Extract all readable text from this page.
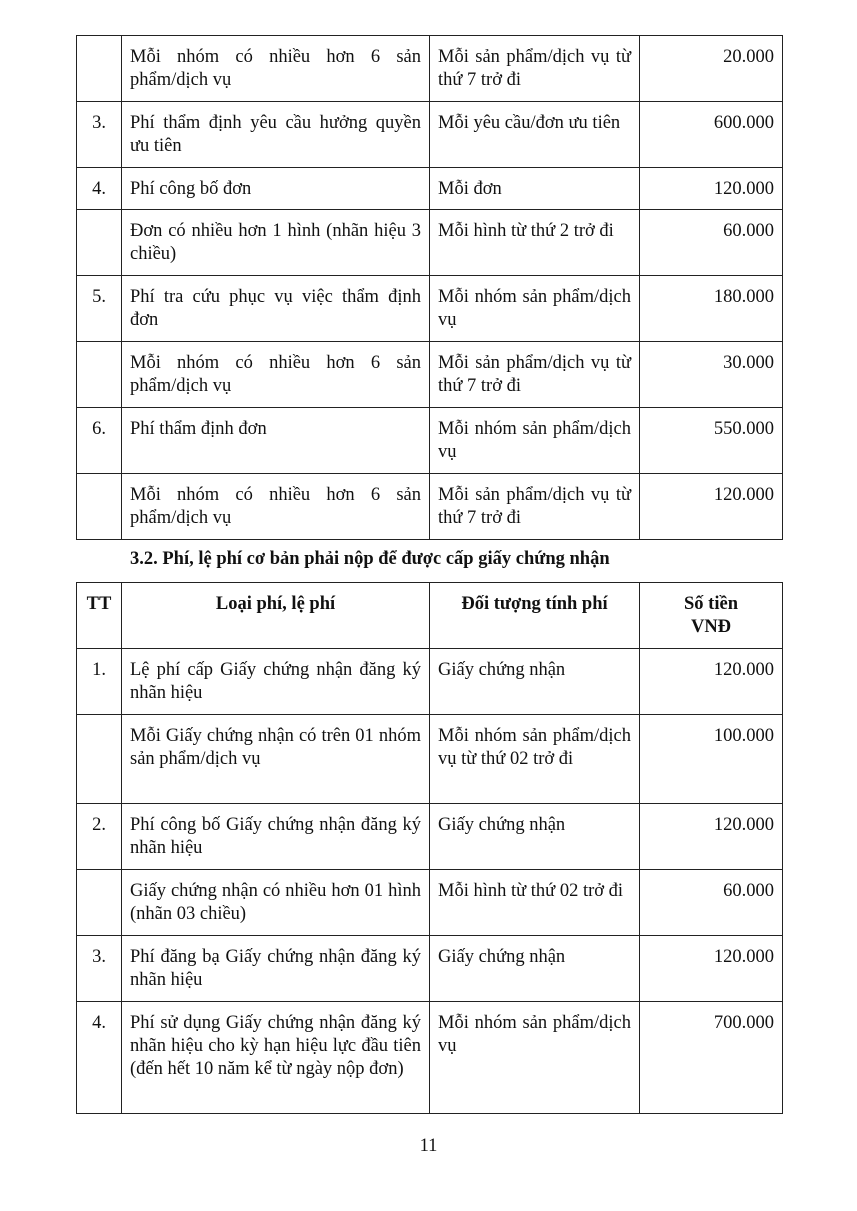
	Mỗi nhóm có nhiều hơn 6 sản phẩm/dịch vụ	Mỗi sản phẩm/dịch vụ từ thứ 7 trở đi	20.000
3.	Phí thẩm định yêu cầu hưởng quyền ưu tiên	Mỗi yêu cầu/đơn ưu tiên	600.000
4.	Phí công bố đơn	Mỗi đơn	120.000
	Đơn có nhiều hơn 1 hình (nhãn hiệu 3 chiều)	Mỗi hình từ thứ 2 trở đi	60.000
5.	Phí tra cứu phục vụ việc thẩm định đơn	Mỗi nhóm sản phẩm/dịch vụ	180.000
	Mỗi nhóm có nhiều hơn 6 sản phẩm/dịch vụ	Mỗi sản phẩm/dịch vụ từ thứ 7 trở đi	30.000
6.	Phí thẩm định đơn	Mỗi nhóm sản phẩm/dịch vụ	550.000
	Mỗi nhóm có nhiều hơn 6 sản phẩm/dịch vụ	Mỗi sản phẩm/dịch vụ từ thứ 7 trở đi	120.000

3.2. Phí, lệ phí cơ bản phải nộp để được cấp giấy chứng nhận

TT	Loại phí, lệ phí	Đối tượng tính phí	Số tiền
VNĐ

1.	Lệ phí cấp Giấy chứng nhận đăng ký nhãn hiệu	Giấy chứng nhận	120.000
	Mỗi Giấy chứng nhận có trên 01 nhóm sản phẩm/dịch vụ	Mỗi nhóm sản phẩm/dịch vụ từ thứ 02 trở đi	100.000
2.	Phí công bố Giấy chứng nhận đăng ký nhãn hiệu	Giấy chứng nhận	120.000
	Giấy chứng nhận có nhiều hơn 01 hình (nhãn 03 chiều)	Mỗi hình từ thứ 02 trở đi	60.000
3.	Phí đăng bạ Giấy chứng nhận đăng ký nhãn hiệu	Giấy chứng nhận	120.000
4.	Phí sử dụng Giấy chứng nhận đăng ký nhãn hiệu cho kỳ hạn hiệu lực đầu tiên (đến hết 10 năm kể từ ngày nộp đơn)	Mỗi nhóm sản phẩm/dịch vụ	700.000
11
